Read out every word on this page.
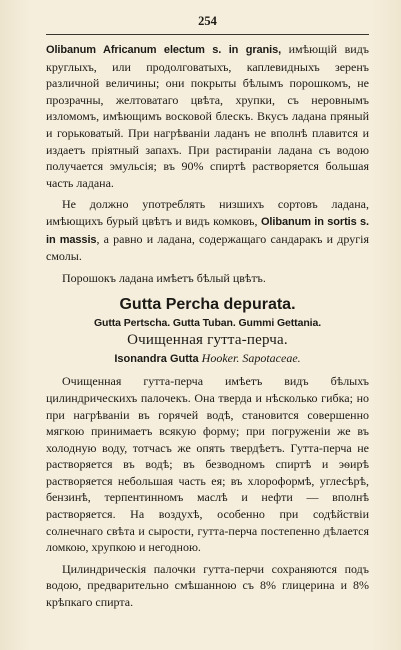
254

Olibanum Africanum electum s. in granis, имѣющій видъ круглыхъ, или продолговатыхъ, каплевидныхъ зеренъ различной величины; они покрыты бѣлымъ порошкомъ, не прозрачны, желтоватаго цвѣта, хрупки, съ неровнымъ изломомъ, имѣющимъ восковой блескъ. Вкусъ ладана пряный и горьковатый. При нагрѣваніи ладанъ не вполнѣ плавится и издаетъ пріятный запахъ. При растираніи ладана съ водою получается эмульсія; въ 90% спиртѣ растворяется большая часть ладана.

Не должно употреблять низшихъ сортовъ ладана, имѣющихъ бурый цвѣтъ и видъ комковъ, Olibanum in sortis s. in massis, а равно и ладана, содержащаго сандаракъ и другія смолы.

Порошокъ ладана имѣетъ бѣлый цвѣтъ.

Gutta Percha depurata.
Gutta Pertscha. Gutta Tuban. Gummi Gettania.
Очищенная гутта-перча.
Isonandra Gutta Hooker. Sapotaceae.

Очищенная гутта-перча имѣетъ видъ бѣлыхъ цилиндрическихъ палочекъ. Она тверда и нѣсколько гибка; но при нагрѣваніи въ горячей водѣ, становится совершенно мягкою принимаетъ всякую форму; при погруженіи же въ холодную воду, тотчасъ же опять твердѣетъ. Гутта-перча не растворяется въ водѣ; въ безводномъ спиртѣ и эѳирѣ растворяется небольшая часть ея; въ хлороформѣ, углесѣрѣ, бензинѣ, терпентинномъ маслѣ и нефти — вполнѣ растворяется. На воздухѣ, особенно при содѣйствіи солнечнаго свѣта и сырости, гутта-перча постепенно дѣлается ломкою, хрупкою и негодною.

Цилиндрическія палочки гутта-перчи сохраняются подъ водою, предварительно смѣшанною съ 8% глицерина и 8% крѣпкаго спирта.
